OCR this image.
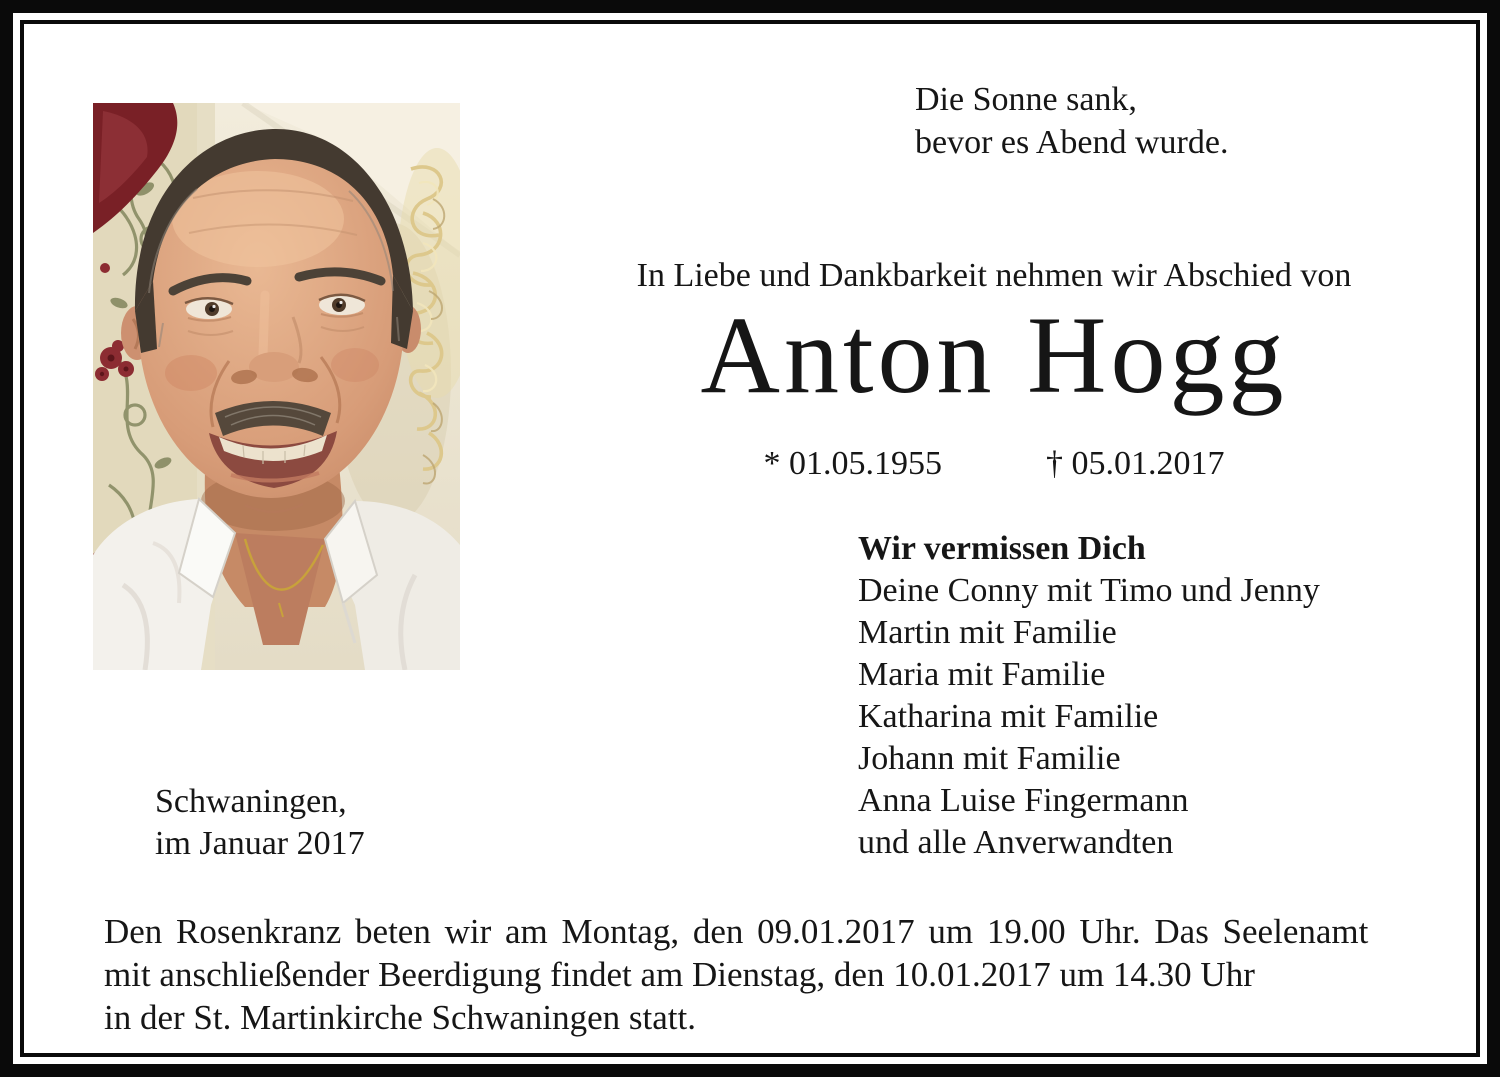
Die Sonne sank,
bevor es Abend wurde.
In Liebe und Dankbarkeit nehmen wir Abschied von
Anton Hogg
* 01.05.1955	† 05.01.2017
Wir vermissen Dich
Deine Conny mit Timo und Jenny
Martin mit Familie
Maria mit Familie
Katharina mit Familie
Johann mit Familie
Anna Luise Fingermann
und alle Anverwandten
Schwaningen,
im Januar 2017
Den Rosenkranz beten wir am Montag, den 09.01.2017 um 19.00 Uhr. Das Seelenamt
mit anschließender Beerdigung findet am Dienstag, den 10.01.2017 um 14.30 Uhr
in der St. Martinkirche Schwaningen statt.
